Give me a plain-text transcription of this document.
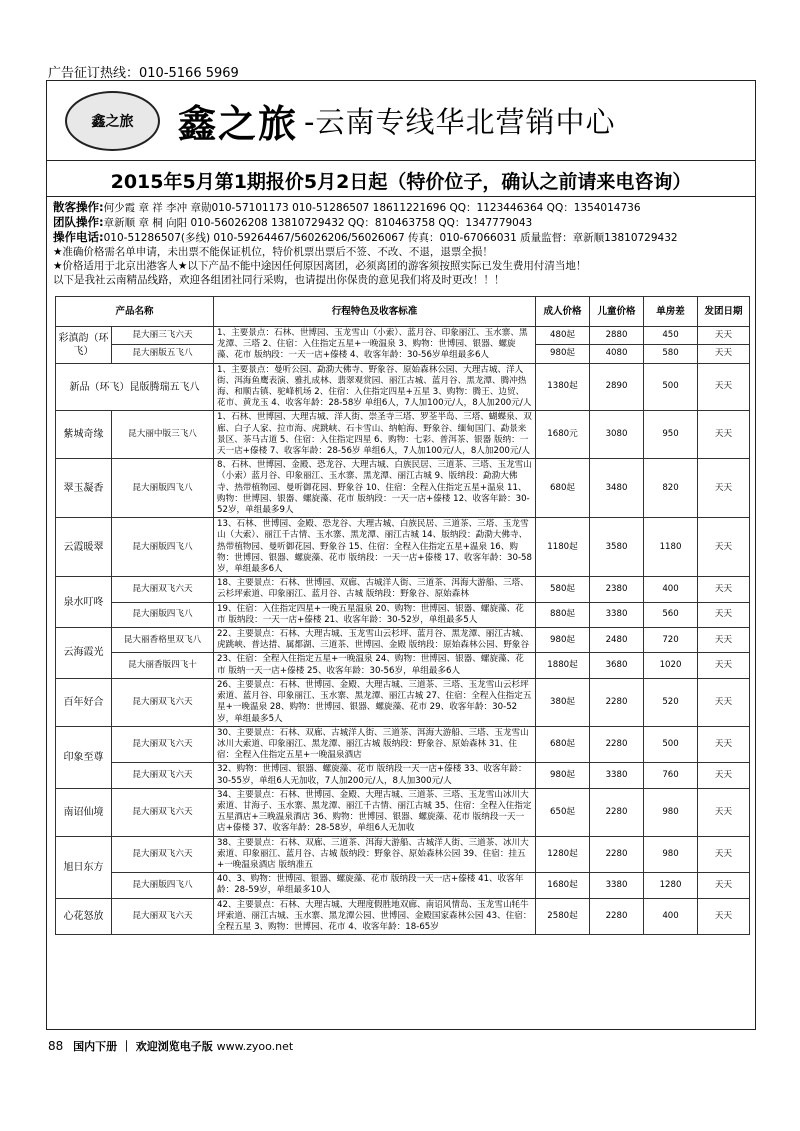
广告征订热线：010-5166 5969
鑫之旅 鑫之旅 -云南专线华北营销中心
2015年5月第1期报价5月2日起（特价位子，确认之前请来电咨询）
散客操作:何少霞 章 祥 李冲 章勋010-57101173 010-51286507 18611221696 QQ：1123446364 QQ：1354014736
团队操作:章新顺 章 桐 向阳 010-56026208 13810729432 QQ：810463758 QQ：1347779043
操作电话:010-51286507(多线) 010-59264467/56026206/56026067 传真：010-67066031 质量监督：章新顺13810729432
★准确价格需名单申请，未出票不能保证机位，特价机票出票后不签、不改、不退，退票全损！
★价格适用于北京出港客人★以下产品不能中途因任何原因离团，必须离团的游客须按照实际已发生费用付清当地！
以下是我社云南精品线路，欢迎各组团社同行采购，也请提出你保贵的意见我们将及时更改！！！
产品名称		行程特色及收客标准	成人价格	儿童价格	单房差	发团日期
彩滇韵（环飞）	昆大丽三飞六天	1、主要景点：石林、世博园、玉龙雪山（小索）、蓝月谷、印象丽江、玉水寨、黑龙潭、三塔 2、住宿：入住指定五星+一晚温泉 3、购物：世博园、银器、螺旋藻、花市 版纳段：一天一店+傣楼 4、收客年龄：30-56岁单组最多6人	480起	2880	450	天天
	昆大丽版五飞八		980起	4080	580	天天
新品（环飞）昆版腾瑞五飞八		1、主要景点：曼听公园、勐泐大佛寺、野象谷、原始森林公园、大理古城、洋人街、洱海鱼鹰表演、雅扎成林、翡翠观赏园、丽江古城、蓝月谷、黑龙潭、腾冲热海、和顺古镇、驼峰机场 2、住宿：入住指定四星+五星 3、购物：腾王、边贸、花市、黄龙玉 4、收客年龄：28-58岁 单组6人，7人加100元/人，8人加200元/人	1380起	2890	500	天天
紫城奇缘	昆大丽中版三飞八	1、石林、世博园、大理古城、洋人街、崇圣寺三塔、罗荃半岛、三塔、蝴蝶泉、双廊、白子人家、拉市海、虎跳峡、石卡雪山、纳帕海、野象谷、缅甸国门、勐景来景区、茶马古道 5、住宿：入住指定四星 6、购物：七彩、普洱茶、银器 版纳：一天一店+傣楼 7、收客年龄：28-56岁 单组6人，7人加100元/人，8人加200元/人	1680元	3080	950	天天
翠玉凝香	昆大丽版四飞八	8、石林、世博园、金殿、恐龙谷、大理古城、白族民居、三道茶、三塔、玉龙雪山（小索）蓝月谷、印象丽江、玉水寨、黑龙潭、丽江古城 9、版纳段：勐泐大佛寺、热带植物园、曼听御花园、野象谷 10、住宿：全程入住指定五星+温泉 11、购物：世博园、银器、螺旋藻、花市 版纳段：一天一店+傣楼 12、收客年龄：30-52岁，单组最多9人	680起	3480	820	天天
云霞暖翠	昆大丽版四飞八	13、石林、世博园、金殿、恐龙谷、大理古城、白族民居、三道茶、三塔、玉龙雪山（大索）、丽江千古情、玉水寨、黑龙潭、丽江古城 14、版纳段：勐泐大佛寺、热带植物园、曼听御花园、野象谷 15、住宿：全程入住指定五星+温泉 16、购物：世博园、银器、螺旋藻、花市 版纳段：一天一店+傣楼 17、收客年龄：30-58岁，单组最多6人	1180起	3580	1180	天天
泉水叮咚	昆大丽双飞六天	18、主要景点：石林、世博园、双廊、古城洋人街、三道茶、洱海大游船、三塔、云杉坪索道、印象丽江、蓝月谷、古城 版纳段：野象谷、原始森林	580起	2380	400	天天
	昆大丽版四飞八	19、住宿：入住指定四星+一晚五星温泉 20、购物：世博园、银器、螺旋藻、花市 版纳段：一天一店+傣楼 21、收客年龄：30-52岁，单组最多5人	880起	3380	560	天天
云海霞光	昆大丽香格里双飞八	22、主要景点：石林、大理古城、玉龙雪山云杉坪、蓝月谷、黑龙潭、丽江古城、虎跳峡、普达措、属都湖、三道茶、世博园、金殿 版纳段：原始森林公园、野象谷	980起	2480	720	天天
	昆大丽香版四飞十	23、住宿：全程入住指定五星+一晚温泉 24、购物：世博园、银器、螺旋藻、花市 版纳一天一店+傣楼 25、收客年龄：30-56岁，单组最多6人	1880起	3680	1020	天天
百年好合	昆大丽双飞六天	26、主要景点：石林、世博园、金殿、大理古城、三道茶、三塔、玉龙雪山云杉坪索道、蓝月谷、印象丽江、玉水寨、黑龙潭、丽江古城 27、住宿：全程入住指定五星+一晚温泉 28、购物：世博园、银器、螺旋藻、花市 29、收客年龄：30-52岁，单组最多5人	380起	2280	520	天天
印象至尊	昆大丽双飞六天	30、主要景点：石林、双廊、古城洋人街、三道茶、洱海大游船、三塔、玉龙雪山冰川大索道、印象丽江、黑龙潭、丽江古城 版纳段：野象谷、原始森林 31、住宿：全程入住指定五星+一晚温泉酒店	680起	2280	500	天天
	昆大丽双飞六天	32、购物：世博园、银器、螺旋藻、花市 版纳段一天一店+傣楼 33、收客年龄：30-55岁，单组6人无加收，7人加200元/人，8人加300元/人	980起	3380	760	天天
南诏仙境	昆大丽双飞六天	34、主要景点：石林、世博园、金殿、大理古城、三道茶、三塔、玉龙雪山冰川大索道、甘海子、玉水寨、黑龙潭、丽江千古情、丽江古城 35、住宿：全程入住指定五星酒店+三晚温泉酒店 36、购物：世博园、银器、螺旋藻、花市 版纳段一天一店+傣楼 37、收客年龄：28-58岁，单组6人无加收	650起	2280	980	天天
旭日东方	昆大丽双飞六天	38、主要景点：石林、双廊、三道茶、洱海大游船、古城洋人街、三道茶、冰川大索道、印象丽江、蓝月谷、古城 版纳段：野象谷、原始森林公园 39、住宿：挂五+一晚温泉酒店 版纳准五	1280起	2280	980	天天
	昆大丽版四飞八	40、3、购物：世博园、银器、螺旋藻、花市 版纳段一天一店+傣楼 41、收客年龄：28-59岁，单组最多10人	1680起	3380	1280	天天
心花怒放	昆大丽双飞六天	42、主要景点：石林、大理古城、大理度假胜地双廊、南诏风情岛、玉龙雪山牦牛坪索道、丽江古城、玉水寨、黑龙潭公园、世博园、金殿国家森林公园 43、住宿：全程五星 3、购物：世博园、花市 4、收客年龄：18-65岁	2580起	2280	400	天天
88 国内下册 ｜ 欢迎浏览电子版 www.zyoo.net
